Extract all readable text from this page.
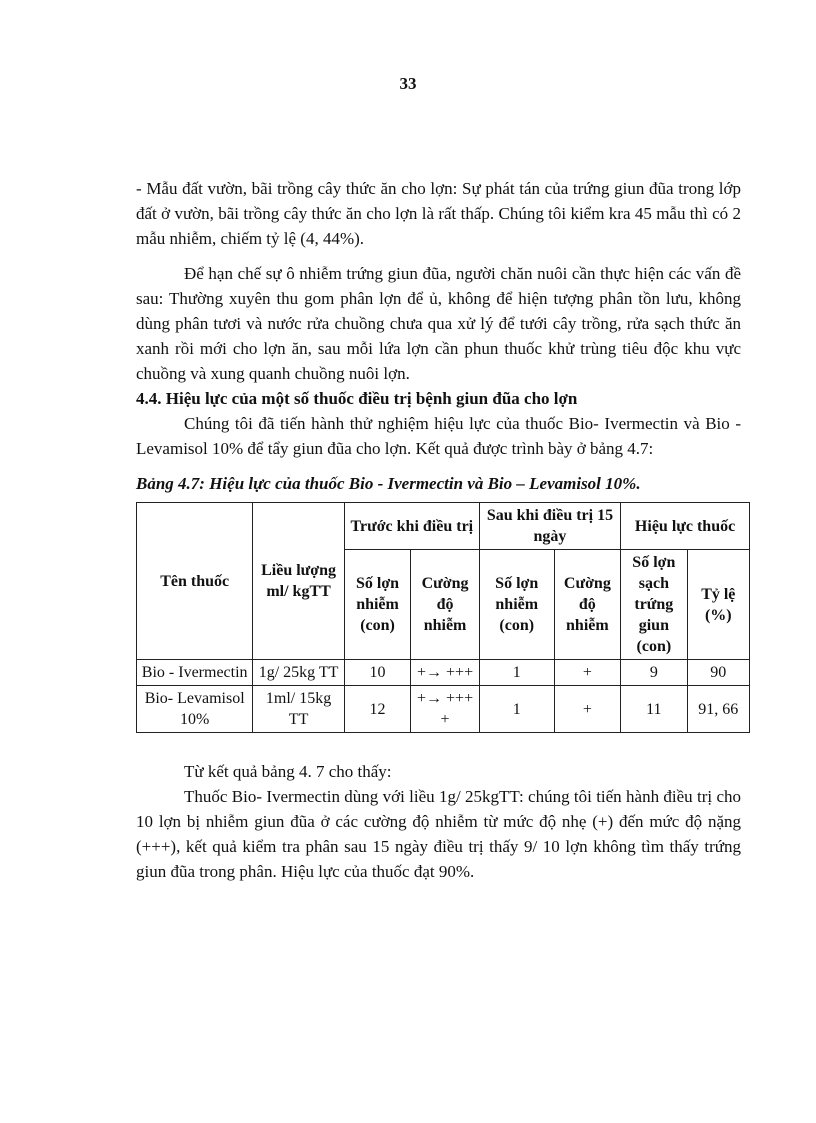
33

- Mẫu đất vườn, bãi trồng cây thức ăn cho lợn: Sự phát tán của trứng giun đũa trong lớp đất ở vườn, bãi trồng cây thức ăn cho lợn là rất thấp. Chúng tôi kiểm kra 45 mẫu thì có 2 mẫu nhiễm, chiếm tỷ lệ (4, 44%).

Để hạn chế sự ô nhiễm trứng giun đũa, người chăn nuôi cần thực hiện các vấn đề sau: Thường xuyên thu gom phân lợn để ủ, không để hiện tượng phân tồn lưu, không dùng phân tươi và nước rửa chuồng chưa qua xử lý để tưới cây trồng, rửa sạch thức ăn xanh rồi mới cho lợn ăn, sau mỗi lứa lợn cần phun thuốc khử trùng tiêu độc khu vực chuồng và xung quanh chuồng nuôi lợn.

4.4. Hiệu lực của một số thuốc điều trị bệnh giun đũa cho lợn

Chúng tôi đã tiến hành thử nghiệm hiệu lực của thuốc Bio- Ivermectin và Bio - Levamisol 10% để tẩy giun đũa cho lợn. Kết quả được trình bày ở bảng 4.7:

Bảng 4.7: Hiệu lực của thuốc Bio - Ivermectin và Bio – Levamisol 10%.

Tên thuốc	Liều lượng ml/ kgTT	Trước khi điều trị		Sau khi điều trị 15 ngày		Hiệu lực thuốc	
		Số lợn nhiễm (con)	Cường độ nhiễm	Số lợn nhiễm (con)	Cường độ nhiễm	Số lợn sạch trứng giun (con)	Tỷ lệ (%)
Bio - Ivermectin	1g/ 25kg TT	10	+→ +++	1	+	9	90
Bio- Levamisol 10%	1ml/ 15kg TT	12	+→ +++ +	1	+	11	91, 66

Từ kết quả bảng 4. 7 cho thấy:

Thuốc Bio- Ivermectin dùng với liều 1g/ 25kgTT: chúng tôi tiến hành điều trị cho 10 lợn bị nhiễm giun đũa ở các cường độ nhiễm từ mức độ nhẹ (+) đến mức độ nặng (+++), kết quả kiểm tra phân sau 15 ngày điều trị thấy 9/ 10 lợn không tìm thấy trứng giun đũa trong phân. Hiệu lực của thuốc đạt 90%.
